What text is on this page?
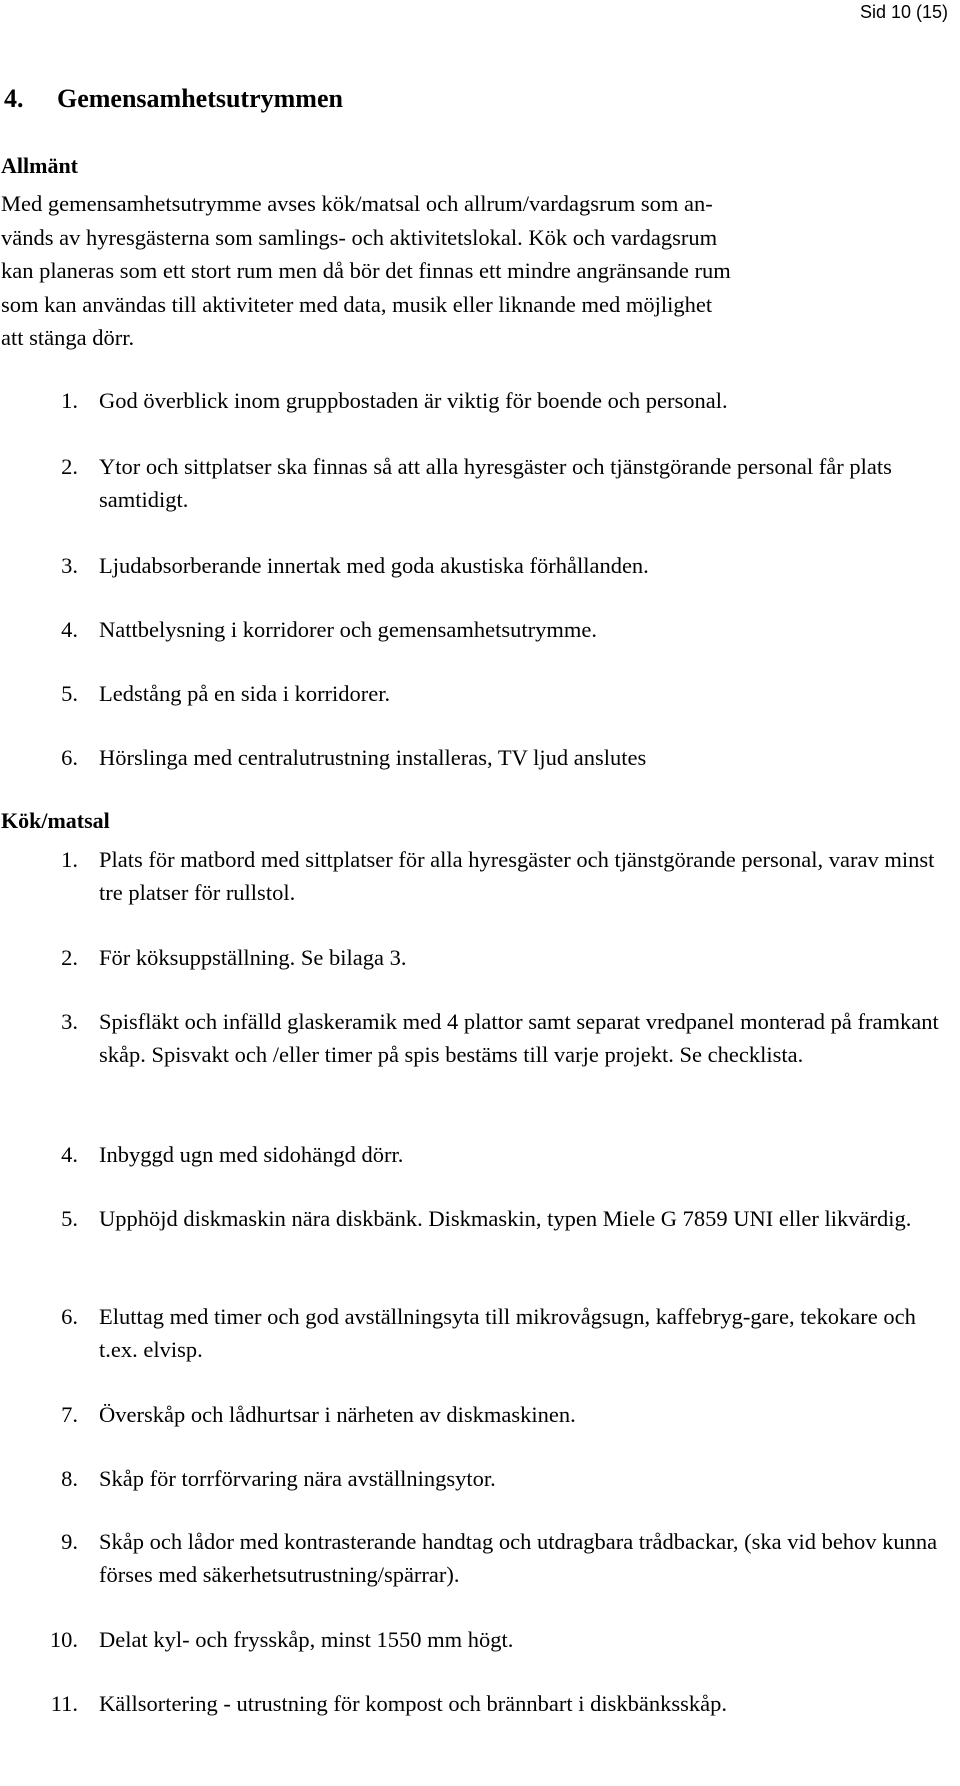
Sid 10 (15)
4. Gemensamhetsutrymmen
Allmänt

Med gemensamhetsutrymme avses kök/matsal och allrum/vardagsrum som an-
vänds av hyresgästerna som samlings- och aktivitetslokal. Kök och vardagsrum
kan planeras som ett stort rum men då bör det finnas ett mindre angränsande rum
som kan användas till aktiviteter med data, musik eller liknande med möjlighet
att stänga dörr.

1. God överblick inom gruppbostaden är viktig för boende och personal.
2. Ytor och sittplatser ska finnas så att alla hyresgäster och tjänstgörande personal får plats samtidigt.
3. Ljudabsorberande innertak med goda akustiska förhållanden.
4. Nattbelysning i korridorer och gemensamhetsutrymme.
5. Ledstång på en sida i korridorer.
6. Hörslinga med centralutrustning installeras, TV ljud anslutes
Kök/matsal
1. Plats för matbord med sittplatser för alla hyresgäster och tjänstgörande personal, varav minst tre platser för rullstol.
2. För köksuppställning. Se bilaga 3.
3. Spisfläkt och infälld glaskeramik med 4 plattor samt separat vredpanel monterad på framkant skåp. Spisvakt och /eller timer på spis bestäms till varje projekt. Se checklista.
4. Inbyggd ugn med sidohängd dörr.
5. Upphöjd diskmaskin nära diskbänk. Diskmaskin, typen Miele G 7859 UNI eller likvärdig.
6. Eluttag med timer och god avställningsyta till mikrovågsugn, kaffebryg-gare, tekokare och t.ex. elvisp.
7. Överskåp och lådhurtsar i närheten av diskmaskinen.
8. Skåp för torrförvaring nära avställningsytor.
9. Skåp och lådor med kontrasterande handtag och utdragbara trådbackar, (ska vid behov kunna förses med säkerhetsutrustning/spärrar).
10. Delat kyl- och frysskåp, minst 1550 mm högt.
11. Källsortering - utrustning för kompost och brännbart i diskbänksskåp.
